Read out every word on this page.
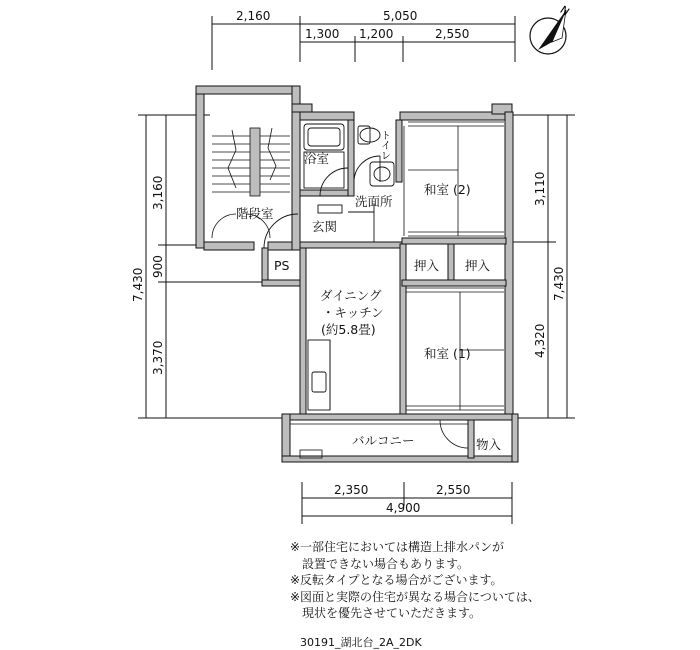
2,160	5,050
1,300 1,200	2,550
N
7,430
3,160
900
3,370
3,110
4,320
7,430
2,350	2,550
4,900
階段室
浴室	トイレ
洗面所
玄関
PS
和室 (2)
押入 押入
和室 (1)
ダイニング
・キッチン
(約5.8畳)
バルコニー	物入
※一部住宅においては構造上排水パンが
設置できない場合もあります。
※反転タイプとなる場合がございます。
※図面と実際の住宅が異なる場合については、
現状を優先させていただきます。
30191_湖北台_2A_2DK
